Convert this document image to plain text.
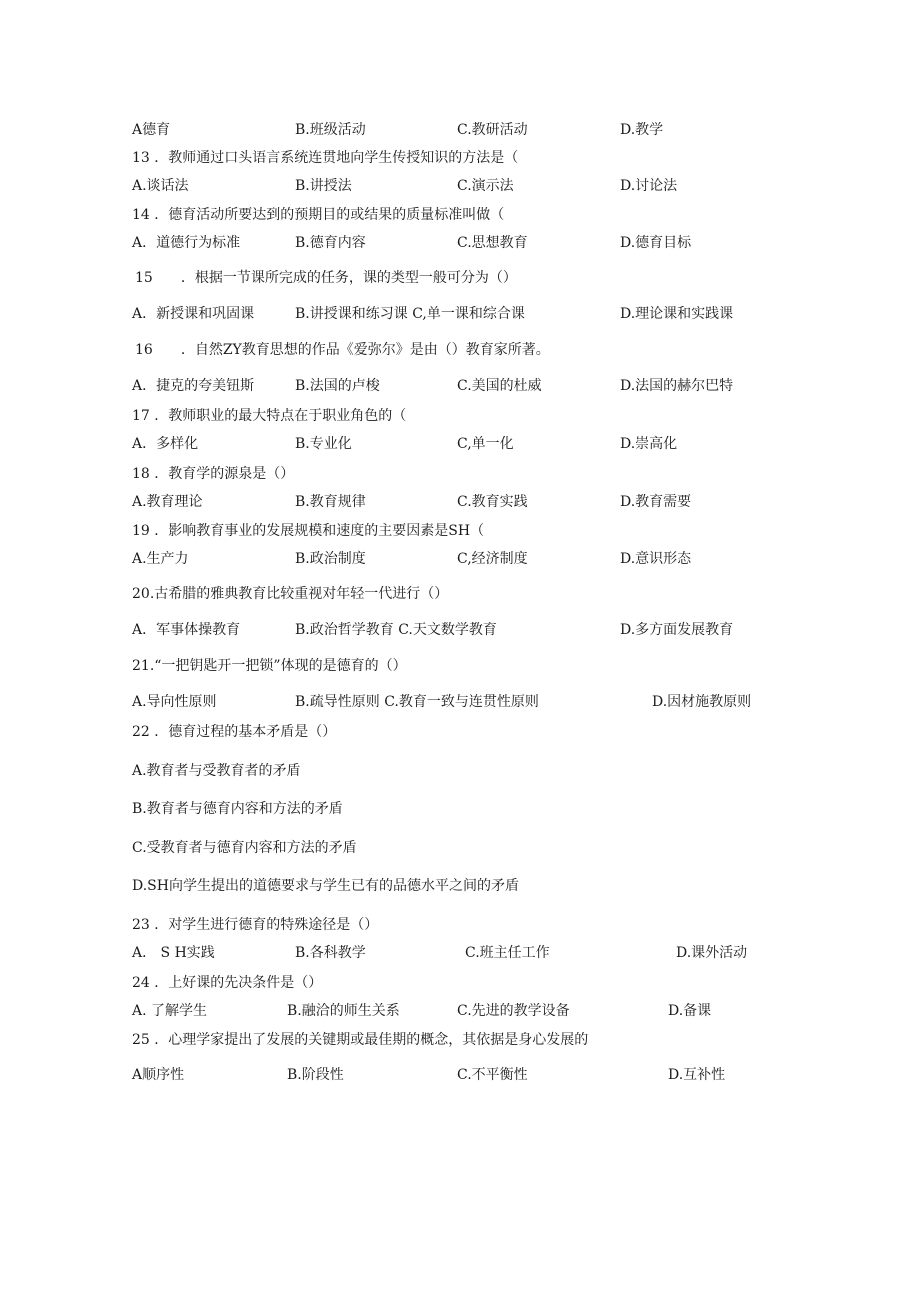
A德育	B.班级活动	C.教研活动	D.教学
13 ．教师通过口头语言系统连贯地向学生传授知识的方法是（
A.谈话法	B.讲授法	C.演示法	D.讨论法
14 ．德育活动所要达到的预期目的或结果的质量标准叫做（
A．道德行为标准	B.德育内容	C.思想教育	D.德育目标
15　　．根据一节课所完成的任务，课的类型一般可分为（）
A．新授课和巩固课	B.讲授课和练习课 C,单一课和综合课	D.理论课和实践课
16　　．自然ZY教育思想的作品《爱弥尔》是由（）教育家所著。
A．捷克的夸美钮斯	B.法国的卢梭	C.美国的杜威	D.法国的赫尔巴特
17 ．教师职业的最大特点在于职业角色的（
A．多样化	B.专业化	C,单一化	D.崇高化
18 ．教育学的源泉是（）
A.教育理论	B.教育规律	C.教育实践	D.教育需要
19 ．影响教育事业的发展规模和速度的主要因素是SH（
A.生产力	B.政治制度	C,经济制度	D.意识形态
20.古希腊的雅典教育比较重视对年轻一代进行（）
A．军事体操教育	B.政治哲学教育 C.天文数学教育	D.多方面发展教育
21.“一把钥匙开一把锁”体现的是德育的（）
A.导向性原则	B.疏导性原则 C.教育一致与连贯性原则	D.因材施教原则
22 ．德育过程的基本矛盾是（）
A.教育者与受教育者的矛盾
B.教育者与德育内容和方法的矛盾
C.受教育者与德育内容和方法的矛盾
D.SH向学生提出的道德要求与学生已有的品德水平之间的矛盾
23 ．对学生进行德育的特殊途径是（）
A． S H实践	B.各科教学	C.班主任工作	D.课外活动
24 ．上好课的先决条件是（）
A. 了解学生	B.融洽的师生关系	C.先进的教学设备	D.备课
25 ．心理学家提出了发展的关键期或最佳期的概念，其依据是身心发展的
A顺序性	B.阶段性	C.不平衡性	D.互补性
